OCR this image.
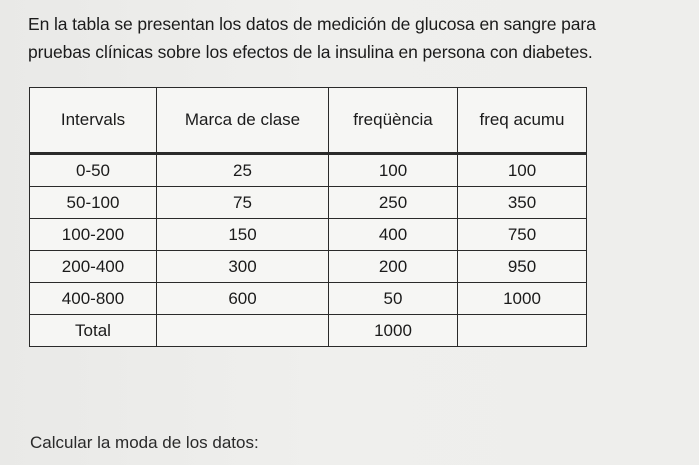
En la tabla se presentan los datos de medición de glucosa en sangre para
pruebas clínicas sobre los efectos de la insulina en persona con diabetes.
Intervals	Marca de clase	freqüència	freq acumu
0-50	25	100	100
50-100	75	250	350
100-200	150	400	750
200-400	300	200	950
400-800	600	50	1000
Total		1000	
Calcular la moda de los datos:
